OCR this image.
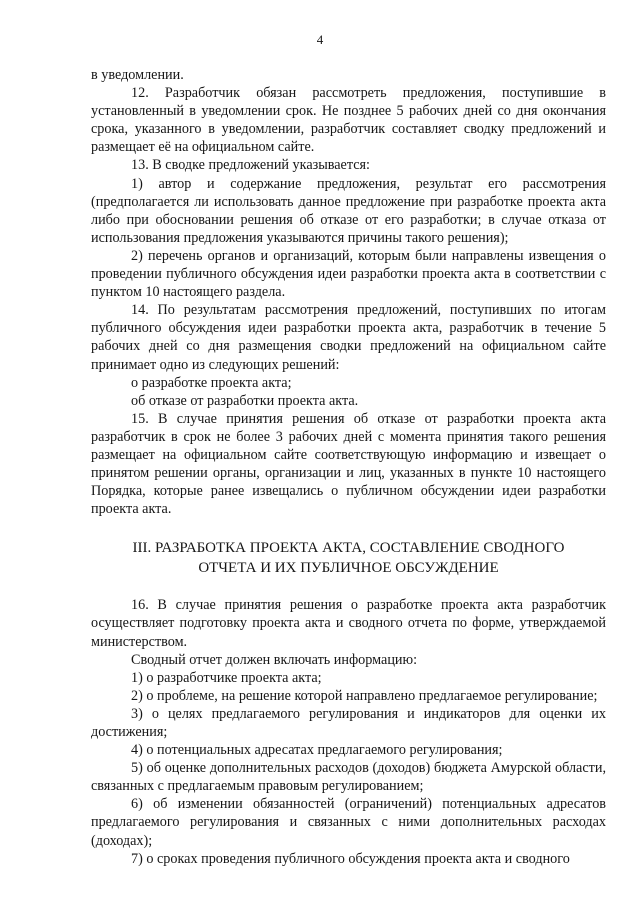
4

в уведомлении.

12. Разработчик обязан рассмотреть предложения, поступившие в установленный в уведомлении срок. Не позднее 5 рабочих дней со дня окончания срока, указанного в уведомлении, разработчик составляет сводку предложений и размещает её на официальном сайте.

13. В сводке предложений указывается:

1) автор и содержание предложения, результат его рассмотрения (предполагается ли использовать данное предложение при разработке проекта акта либо при обосновании решения об отказе от его разработки; в случае отказа от использования предложения указываются причины такого решения);

2) перечень органов и организаций, которым были направлены извещения о проведении публичного обсуждения идеи разработки проекта акта в соответствии с пунктом 10 настоящего раздела.

14. По результатам рассмотрения предложений, поступивших по итогам публичного обсуждения идеи разработки проекта акта, разработчик в течение 5 рабочих дней со дня размещения сводки предложений на официальном сайте принимает одно из следующих решений:

о разработке проекта акта;

об отказе от разработки проекта акта.

15. В случае принятия решения об отказе от разработки проекта акта разработчик в срок не более 3 рабочих дней с момента принятия такого решения размещает на официальном сайте соответствующую информацию и извещает о принятом решении органы, организации и лиц, указанных в пункте 10 настоящего Порядка, которые ранее извещались о публичном обсуждении идеи разработки проекта акта.

III. РАЗРАБОТКА ПРОЕКТА АКТА, СОСТАВЛЕНИЕ СВОДНОГО
ОТЧЕТА И ИХ ПУБЛИЧНОЕ ОБСУЖДЕНИЕ

16. В случае принятия решения о разработке проекта акта разработчик осуществляет подготовку проекта акта и сводного отчета по форме, утверждаемой министерством.

Сводный отчет должен включать информацию:

1) о разработчике проекта акта;

2) о проблеме, на решение которой направлено предлагаемое регулирование;

3) о целях предлагаемого регулирования и индикаторов для оценки их достижения;

4) о потенциальных адресатах предлагаемого регулирования;

5) об оценке дополнительных расходов (доходов) бюджета Амурской области, связанных с предлагаемым правовым регулированием;

6) об изменении обязанностей (ограничений) потенциальных адресатов предлагаемого регулирования и связанных с ними дополнительных расходах (доходах);

7) о сроках проведения публичного обсуждения проекта акта и сводного
